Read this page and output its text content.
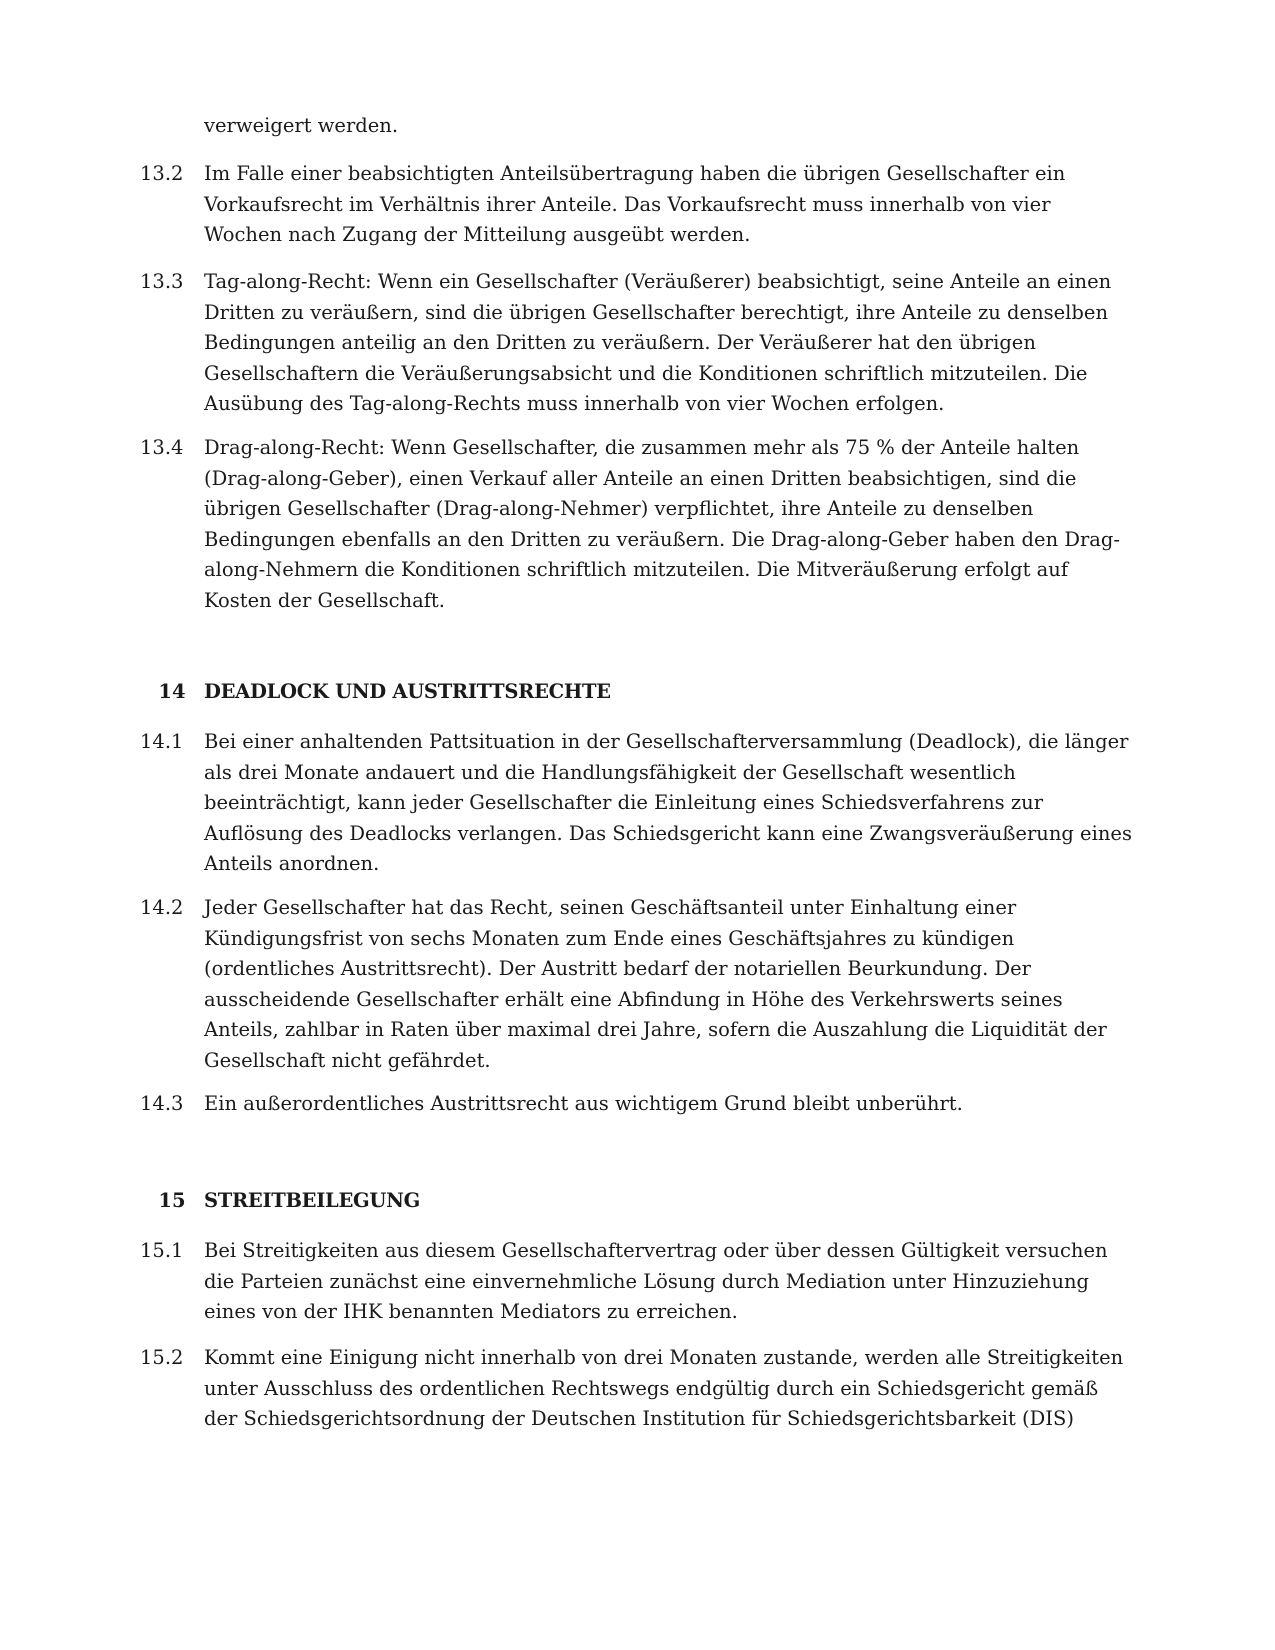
verweigert werden.

13.2	Im Falle einer beabsichtigten Anteilsübertragung haben die übrigen Gesellschafter ein Vorkaufsrecht im Verhältnis ihrer Anteile. Das Vorkaufsrecht muss innerhalb von vier Wochen nach Zugang der Mitteilung ausgeübt werden.

13.3	Tag-along-Recht: Wenn ein Gesellschafter (Veräußerer) beabsichtigt, seine Anteile an einen Dritten zu veräußern, sind die übrigen Gesellschafter berechtigt, ihre Anteile zu denselben Bedingungen anteilig an den Dritten zu veräußern. Der Veräußerer hat den übrigen Gesellschaftern die Veräußerungsabsicht und die Konditionen schriftlich mitzuteilen. Die Ausübung des Tag-along-Rechts muss innerhalb von vier Wochen erfolgen.

13.4	Drag-along-Recht: Wenn Gesellschafter, die zusammen mehr als 75 % der Anteile halten (Drag-along-Geber), einen Verkauf aller Anteile an einen Dritten beabsichtigen, sind die übrigen Gesellschafter (Drag-along-Nehmer) verpflichtet, ihre Anteile zu denselben Bedingungen ebenfalls an den Dritten zu veräußern. Die Drag-along-Geber haben den Drag-along-Nehmern die Konditionen schriftlich mitzuteilen. Die Mitveräußerung erfolgt auf Kosten der Gesellschaft.

14 DEADLOCK UND AUSTRITTSRECHTE

14.1	Bei einer anhaltenden Pattsituation in der Gesellschafterversammlung (Deadlock), die länger als drei Monate andauert und die Handlungsfähigkeit der Gesellschaft wesentlich beeinträchtigt, kann jeder Gesellschafter die Einleitung eines Schiedsverfahrens zur Auflösung des Deadlocks verlangen. Das Schiedsgericht kann eine Zwangsveräußerung eines Anteils anordnen.

14.2	Jeder Gesellschafter hat das Recht, seinen Geschäftsanteil unter Einhaltung einer Kündigungsfrist von sechs Monaten zum Ende eines Geschäftsjahres zu kündigen (ordentliches Austrittsrecht). Der Austritt bedarf der notariellen Beurkundung. Der ausscheidende Gesellschafter erhält eine Abfindung in Höhe des Verkehrswerts seines Anteils, zahlbar in Raten über maximal drei Jahre, sofern die Auszahlung die Liquidität der Gesellschaft nicht gefährdet.

14.3	Ein außerordentliches Austrittsrecht aus wichtigem Grund bleibt unberührt.

15 STREITBEILEGUNG

15.1	Bei Streitigkeiten aus diesem Gesellschaftervertrag oder über dessen Gültigkeit versuchen die Parteien zunächst eine einvernehmliche Lösung durch Mediation unter Hinzuziehung eines von der IHK benannten Mediators zu erreichen.

15.2	Kommt eine Einigung nicht innerhalb von drei Monaten zustande, werden alle Streitigkeiten unter Ausschluss des ordentlichen Rechtswegs endgültig durch ein Schiedsgericht gemäß der Schiedsgerichtsordnung der Deutschen Institution für Schiedsgerichtsbarkeit (DIS)
